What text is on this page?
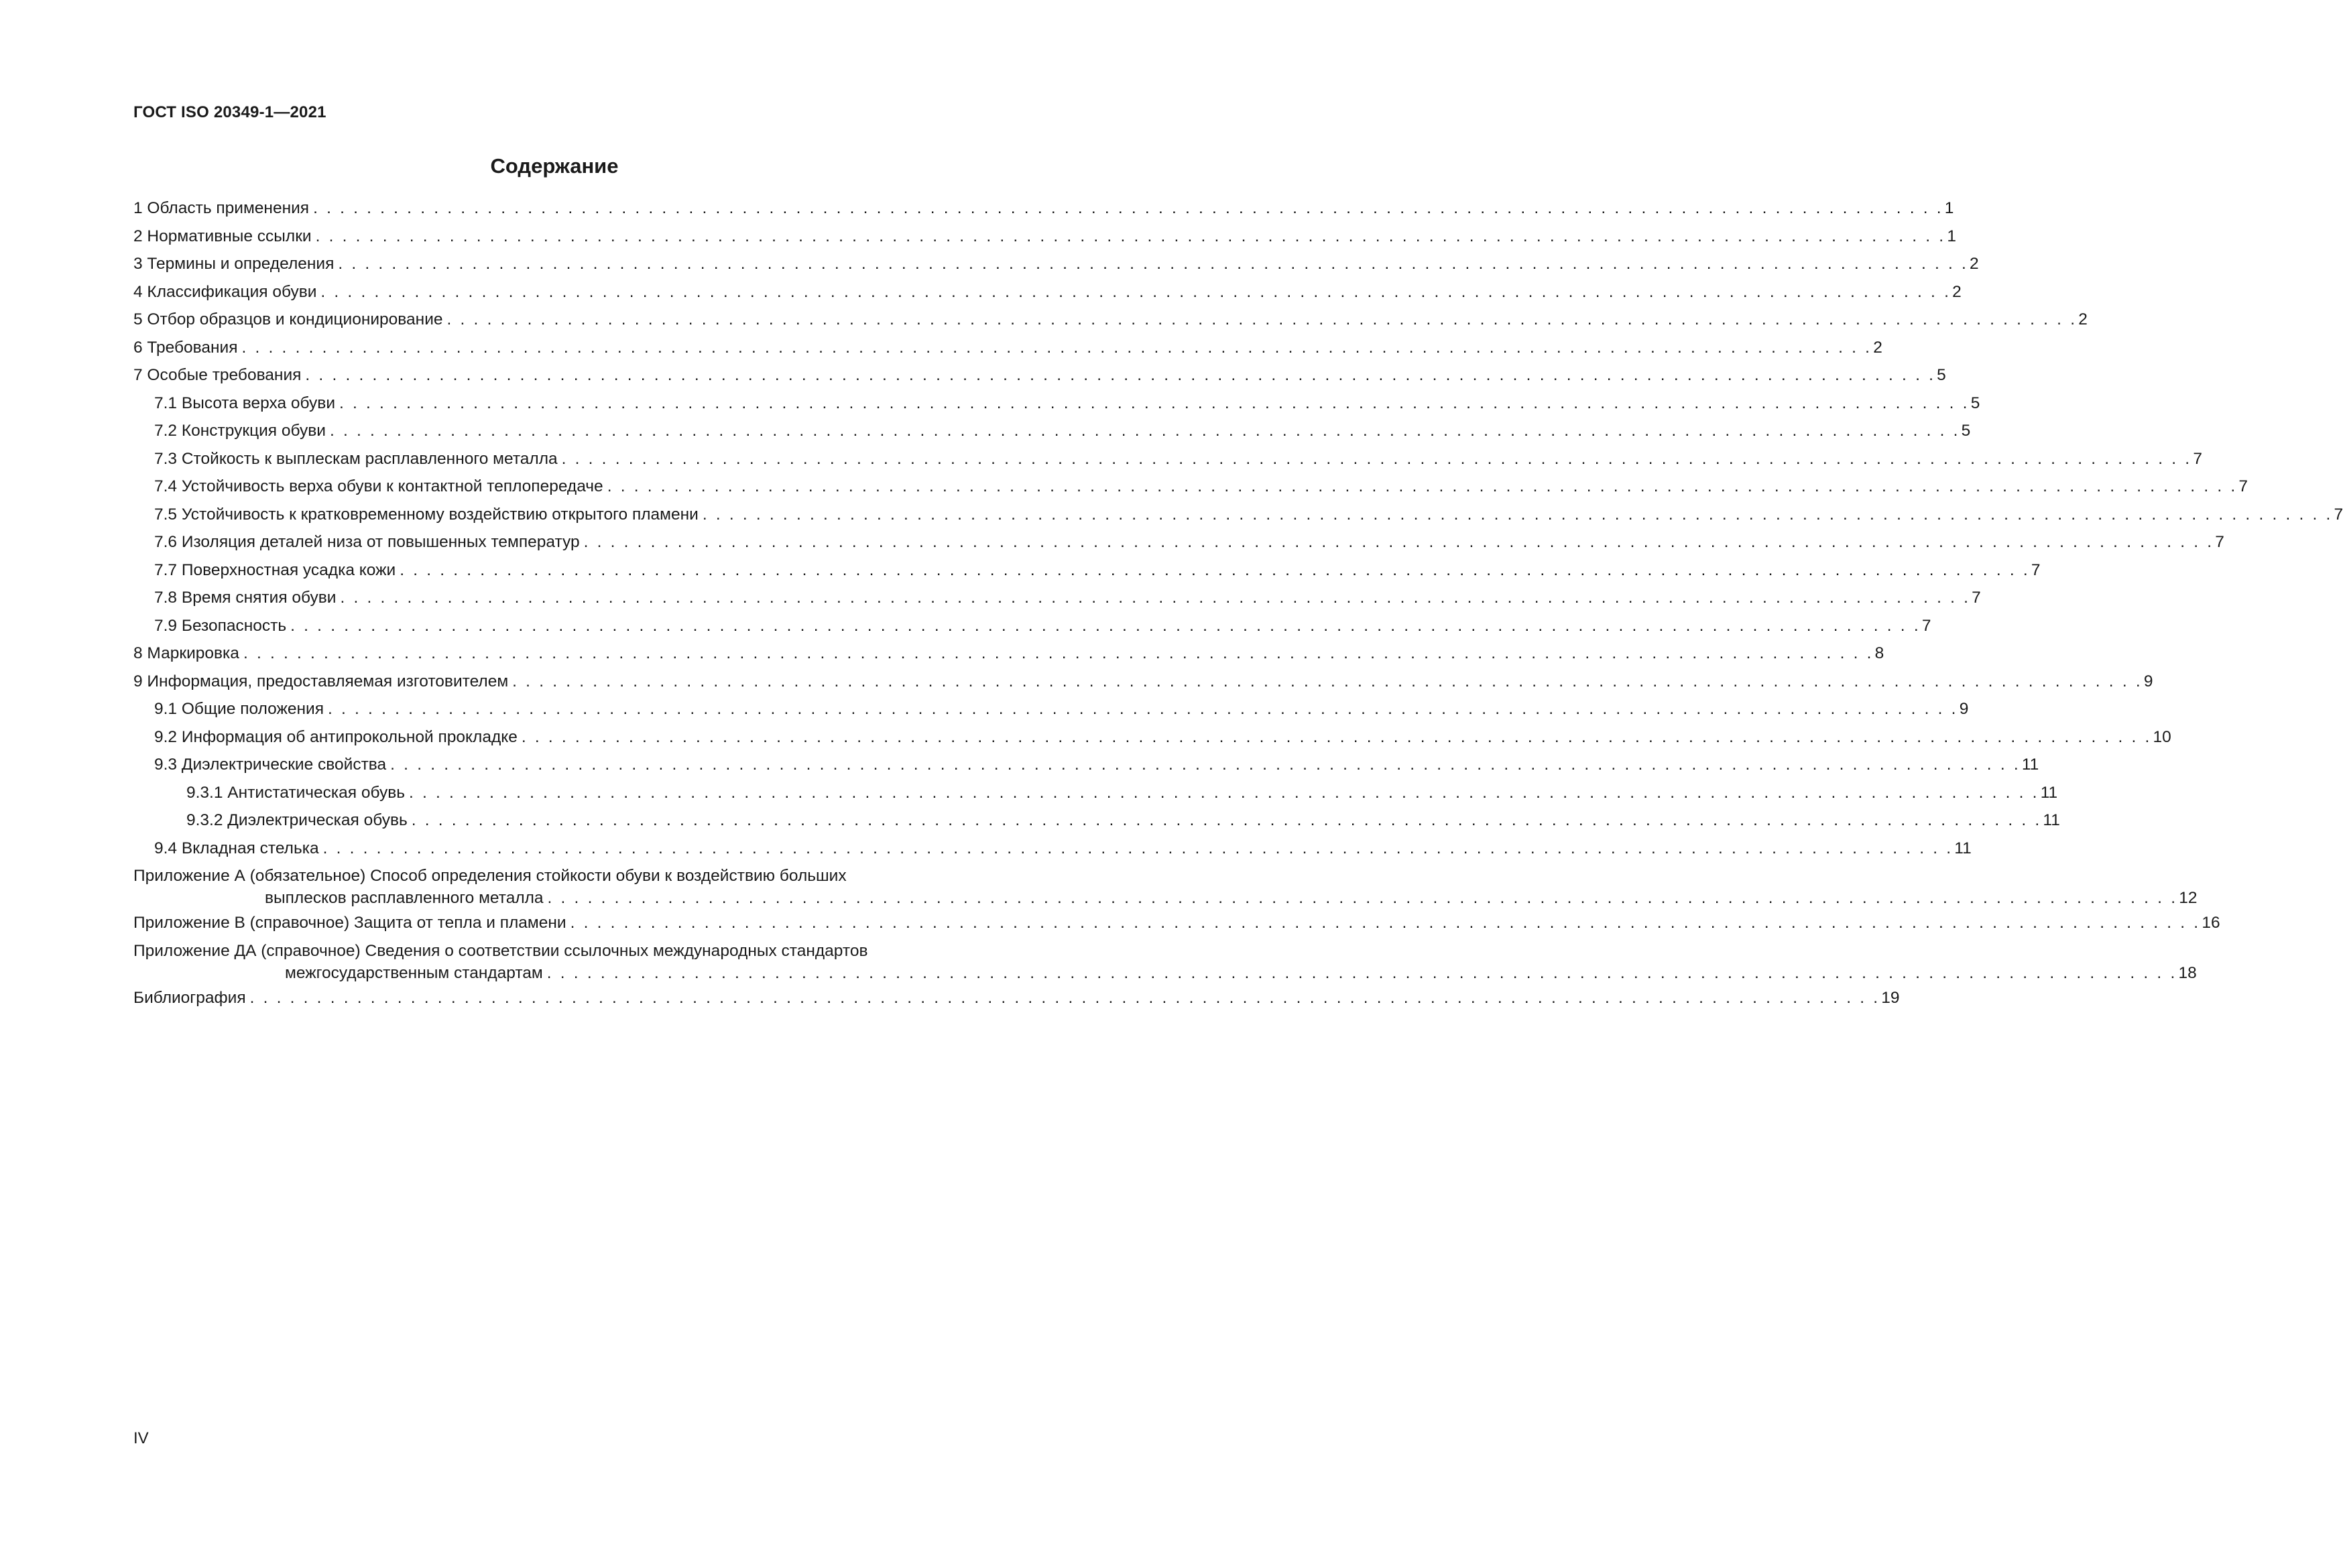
ГОСТ ISO 20349-1—2021
Содержание
1 Область применения . . . . . . . . . . . . . . . . . . . . . . . . . . . . . . . . . . . . . . . . . . . . . . . . . . . . . . . . . . . . . . . . . . . . . . . . . . . . . . . . . . . . . . . . . . . . . . . . . . . . . . . . . . . . . . . . . . . . . . . . . . 1
2 Нормативные ссылки . . . . . . . . . . . . . . . . . . . . . . . . . . . . . . . . . . . . . . . . . . . . . . . . . . . . . . . . . . . . . . . . . . . . . . . . . . . . . . . . . . . . . . . . . . . . . . . . . . . . . . . . . . . . . . . . . . . . . . . . . . 1
3 Термины и определения . . . . . . . . . . . . . . . . . . . . . . . . . . . . . . . . . . . . . . . . . . . . . . . . . . . . . . . . . . . . . . . . . . . . . . . . . . . . . . . . . . . . . . . . . . . . . . . . . . . . . . . . . . . . . . . . . . . . . . . . . . 2
4 Классификация обуви . . . . . . . . . . . . . . . . . . . . . . . . . . . . . . . . . . . . . . . . . . . . . . . . . . . . . . . . . . . . . . . . . . . . . . . . . . . . . . . . . . . . . . . . . . . . . . . . . . . . . . . . . . . . . . . . . . . . . . . . . . 2
5 Отбор образцов и кондиционирование . . . . . . . . . . . . . . . . . . . . . . . . . . . . . . . . . . . . . . . . . . . . . . . . . . . . . . . . . . . . . . . . . . . . . . . . . . . . . . . . . . . . . . . . . . . . . . . . . . . . . . . . . . . . . . . . . . . . . . . . . . 2
6 Требования . . . . . . . . . . . . . . . . . . . . . . . . . . . . . . . . . . . . . . . . . . . . . . . . . . . . . . . . . . . . . . . . . . . . . . . . . . . . . . . . . . . . . . . . . . . . . . . . . . . . . . . . . . . . . . . . . . . . . . . . . . 2
7 Особые требования . . . . . . . . . . . . . . . . . . . . . . . . . . . . . . . . . . . . . . . . . . . . . . . . . . . . . . . . . . . . . . . . . . . . . . . . . . . . . . . . . . . . . . . . . . . . . . . . . . . . . . . . . . . . . . . . . . . . . . . . . . 5
7.1 Высота верха обуви . . . . . . . . . . . . . . . . . . . . . . . . . . . . . . . . . . . . . . . . . . . . . . . . . . . . . . . . . . . . . . . . . . . . . . . . . . . . . . . . . . . . . . . . . . . . . . . . . . . . . . . . . . . . . . . . . . . . . . . . . . 5
7.2 Конструкция обуви . . . . . . . . . . . . . . . . . . . . . . . . . . . . . . . . . . . . . . . . . . . . . . . . . . . . . . . . . . . . . . . . . . . . . . . . . . . . . . . . . . . . . . . . . . . . . . . . . . . . . . . . . . . . . . . . . . . . . . . . . . 5
7.3 Стойкость к выплескам расплавленного металла . . . . . . . . . . . . . . . . . . . . . . . . . . . . . . . . . . . . . . . . . . . . . . . . . . . . . . . . . . . . . . . . . . . . . . . . . . . . . . . . . . . . . . . . . . . . . . . . . . . . . . . . . . . . . . . . . . . . . . . . . . 7
7.4 Устойчивость верха обуви к контактной теплопередаче . . . . . . . . . . . . . . . . . . . . . . . . . . . . . . . . . . . . . . . . . . . . . . . . . . . . . . . . . . . . . . . . . . . . . . . . . . . . . . . . . . . . . . . . . . . . . . . . . . . . . . . . . . . . . . . . . . . . . . . . . . 7
7.5 Устойчивость к кратковременному воздействию открытого пламени . . . . . . . . . . . . . . . . . . . . . . . . . . . . . . . . . . . . . . . . . . . . . . . . . . . . . . . . . . . . . . . . . . . . . . . . . . . . . . . . . . . . . . . . . . . . . . . . . . . . . . . . . . . . . . . . . . . . . . . . . . 7
7.6 Изоляция деталей низа от повышенных температур . . . . . . . . . . . . . . . . . . . . . . . . . . . . . . . . . . . . . . . . . . . . . . . . . . . . . . . . . . . . . . . . . . . . . . . . . . . . . . . . . . . . . . . . . . . . . . . . . . . . . . . . . . . . . . . . . . . . . . . . . . 7
7.7 Поверхностная усадка кожи . . . . . . . . . . . . . . . . . . . . . . . . . . . . . . . . . . . . . . . . . . . . . . . . . . . . . . . . . . . . . . . . . . . . . . . . . . . . . . . . . . . . . . . . . . . . . . . . . . . . . . . . . . . . . . . . . . . . . . . . . . 7
7.8 Время снятия обуви . . . . . . . . . . . . . . . . . . . . . . . . . . . . . . . . . . . . . . . . . . . . . . . . . . . . . . . . . . . . . . . . . . . . . . . . . . . . . . . . . . . . . . . . . . . . . . . . . . . . . . . . . . . . . . . . . . . . . . . . . . 7
7.9 Безопасность . . . . . . . . . . . . . . . . . . . . . . . . . . . . . . . . . . . . . . . . . . . . . . . . . . . . . . . . . . . . . . . . . . . . . . . . . . . . . . . . . . . . . . . . . . . . . . . . . . . . . . . . . . . . . . . . . . . . . . . . . . 7
8 Маркировка . . . . . . . . . . . . . . . . . . . . . . . . . . . . . . . . . . . . . . . . . . . . . . . . . . . . . . . . . . . . . . . . . . . . . . . . . . . . . . . . . . . . . . . . . . . . . . . . . . . . . . . . . . . . . . . . . . . . . . . . . . 8
9 Информация, предоставляемая изготовителем . . . . . . . . . . . . . . . . . . . . . . . . . . . . . . . . . . . . . . . . . . . . . . . . . . . . . . . . . . . . . . . . . . . . . . . . . . . . . . . . . . . . . . . . . . . . . . . . . . . . . . . . . . . . . . . . . . . . . . . . . . 9
9.1 Общие положения . . . . . . . . . . . . . . . . . . . . . . . . . . . . . . . . . . . . . . . . . . . . . . . . . . . . . . . . . . . . . . . . . . . . . . . . . . . . . . . . . . . . . . . . . . . . . . . . . . . . . . . . . . . . . . . . . . . . . . . . . . 9
9.2 Информация об антипрокольной прокладке . . . . . . . . . . . . . . . . . . . . . . . . . . . . . . . . . . . . . . . . . . . . . . . . . . . . . . . . . . . . . . . . . . . . . . . . . . . . . . . . . . . . . . . . . . . . . . . . . . . . . . . . . . . . . . . . . . . . . . . . . . 10
9.3 Диэлектрические свойства . . . . . . . . . . . . . . . . . . . . . . . . . . . . . . . . . . . . . . . . . . . . . . . . . . . . . . . . . . . . . . . . . . . . . . . . . . . . . . . . . . . . . . . . . . . . . . . . . . . . . . . . . . . . . . . . . . . . . . . . . . 11
9.3.1 Антистатическая обувь . . . . . . . . . . . . . . . . . . . . . . . . . . . . . . . . . . . . . . . . . . . . . . . . . . . . . . . . . . . . . . . . . . . . . . . . . . . . . . . . . . . . . . . . . . . . . . . . . . . . . . . . . . . . . . . . . . . . . . . . . . 11
9.3.2 Диэлектрическая обувь . . . . . . . . . . . . . . . . . . . . . . . . . . . . . . . . . . . . . . . . . . . . . . . . . . . . . . . . . . . . . . . . . . . . . . . . . . . . . . . . . . . . . . . . . . . . . . . . . . . . . . . . . . . . . . . . . . . . . . . . . . 11
9.4 Вкладная стелька . . . . . . . . . . . . . . . . . . . . . . . . . . . . . . . . . . . . . . . . . . . . . . . . . . . . . . . . . . . . . . . . . . . . . . . . . . . . . . . . . . . . . . . . . . . . . . . . . . . . . . . . . . . . . . . . . . . . . . . . . . 11
Приложение А (обязательное) Способ определения стойкости обуви к воздействию больших
выплесков расплавленного металла . . . . . . . . . . . . . . . . . . . . . . . . . . . . . . . . . . . . . . . . . . . . . . . . . . . . . . . . . . . . . . . . . . . . . . . . . . . . . . . . . . . . . . . . . . . . . . . . . . . . . . . . . . . . . . . . . . . . . . . . . . 12
Приложение В (справочное) Защита от тепла и пламени . . . . . . . . . . . . . . . . . . . . . . . . . . . . . . . . . . . . . . . . . . . . . . . . . . . . . . . . . . . . . . . . . . . . . . . . . . . . . . . . . . . . . . . . . . . . . . . . . . . . . . . . . . . . . . . . . . . . . . . . . . 16
Приложение ДА (справочное) Сведения о соответствии ссылочных международных стандартов
межгосударственным стандартам . . . . . . . . . . . . . . . . . . . . . . . . . . . . . . . . . . . . . . . . . . . . . . . . . . . . . . . . . . . . . . . . . . . . . . . . . . . . . . . . . . . . . . . . . . . . . . . . . . . . . . . . . . . . . . . . . . . . . . . . . . 18
Библиография . . . . . . . . . . . . . . . . . . . . . . . . . . . . . . . . . . . . . . . . . . . . . . . . . . . . . . . . . . . . . . . . . . . . . . . . . . . . . . . . . . . . . . . . . . . . . . . . . . . . . . . . . . . . . . . . . . . . . . . . . . 19
IV
